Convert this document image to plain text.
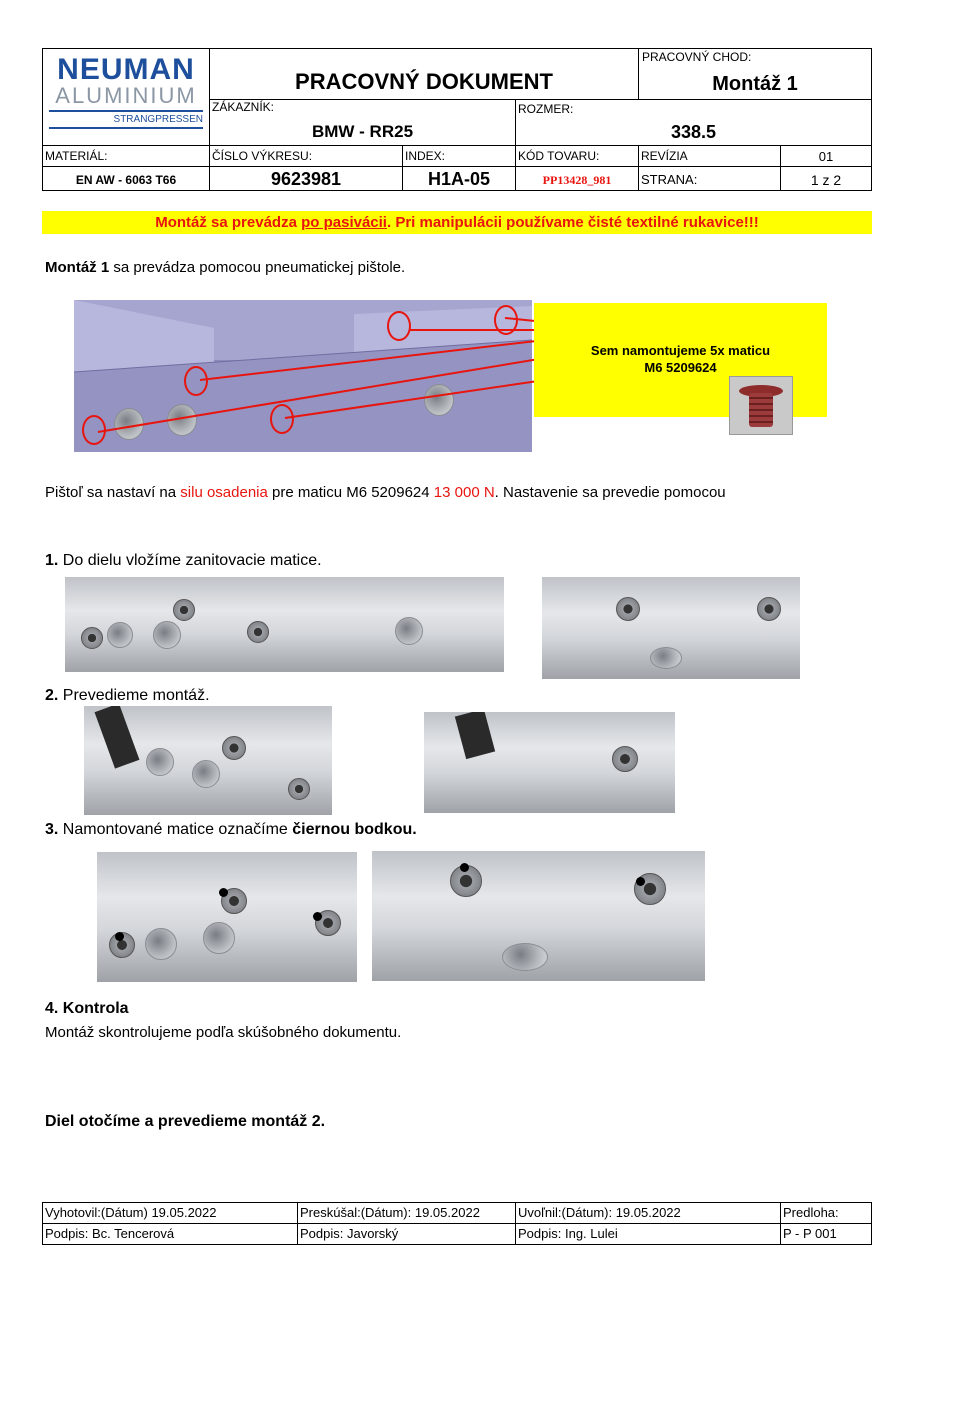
NEUMAN
ALUMINIUM
STRANGPRESSEN
PRACOVNÝ DOKUMENT
PRACOVNÝ CHOD:
Montáž 1
ZÁKAZNÍK:
BMW - RR25
ROZMER:
338.5
MATERIÁL:	ČÍSLO VÝKRESU:	INDEX:	KÓD TOVARU:	REVÍZIA	01
EN AW - 6063 T66	9623981	H1A-05	PP13428_981	STRANA:	1 z 2
Montáž sa prevádza po pasivácii. Pri manipulácii používame čisté textilné rukavice!!!
Montáž 1 sa prevádza pomocou pneumatickej pištole.
Sem namontujeme 5x maticu
M6 5209624
Pištoľ sa nastaví na silu osadenia pre maticu M6 5209624 13 000 N. Nastavenie sa prevedie pomocou
1. Do dielu vložíme zanitovacie matice.
2. Prevedieme montáž.
3. Namontované matice označíme čiernou bodkou.
4. Kontrola
Montáž skontrolujeme podľa skúšobného dokumentu.
Diel otočíme a prevedieme montáž 2.
Vyhotovil:(Dátum) 19.05.2022	Preskúšal:(Dátum): 19.05.2022	Uvoľnil:(Dátum): 19.05.2022	Predloha:
Podpis: Bc. Tencerová	Podpis: Javorský	Podpis: Ing. Lulei	P - P 001
